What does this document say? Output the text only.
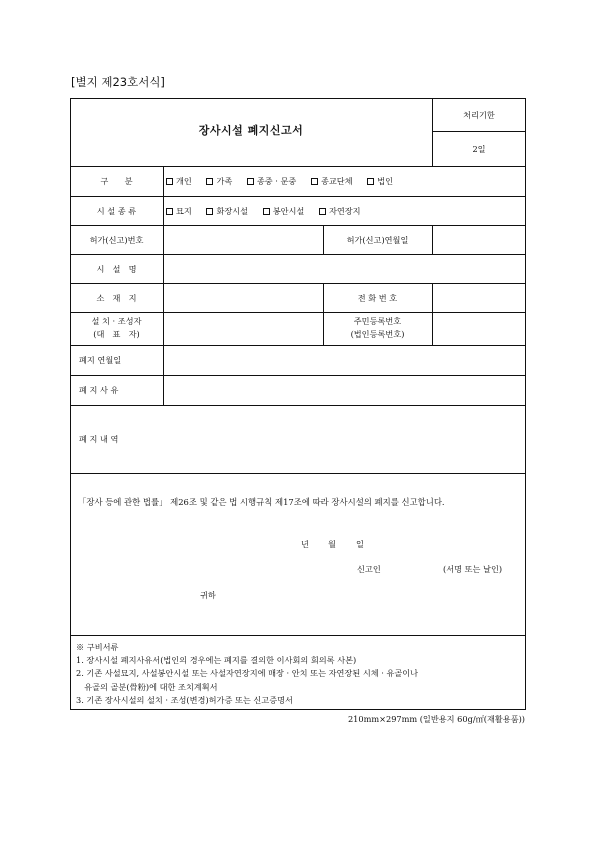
[별지 제23호서식]
장사시설 폐지신고서
처리기한
2일
구　　분	개인	가족	종중 · 문중	종교단체	법인
시 설 종 류	묘지	화장시설	봉안시설	자연장지
허가(신고)번호	허가(신고)연월일
시　설　명
소　재　지	전 화 번 호
설 치 · 조성자
(대　표　자)
주민등록번호
(법인등록번호)
폐지 연월일
폐 지 사 유
폐 지 내 역
「장사 등에 관한 법률」 제26조 및 같은 법 시행규칙 제17조에 따라 장사시설의 폐지를 신고합니다.
년 월 일
신고인	(서명 또는 날인)
귀하
※ 구비서류
1. 장사시설 폐지사유서(법인의 경우에는 폐지를 결의한 이사회의 회의록 사본)
2. 기존 사설묘지, 사설봉안시설 또는 사설자연장지에 매장 · 안치 또는 자연장된 시체 · 유골이나
　유골의 골분(骨粉)에 대한 조치계획서
3. 기존 장사시설의 설치 · 조성(변경)허가증 또는 신고증명서
210mm×297mm (일반용지 60g/㎡(재활용품))
